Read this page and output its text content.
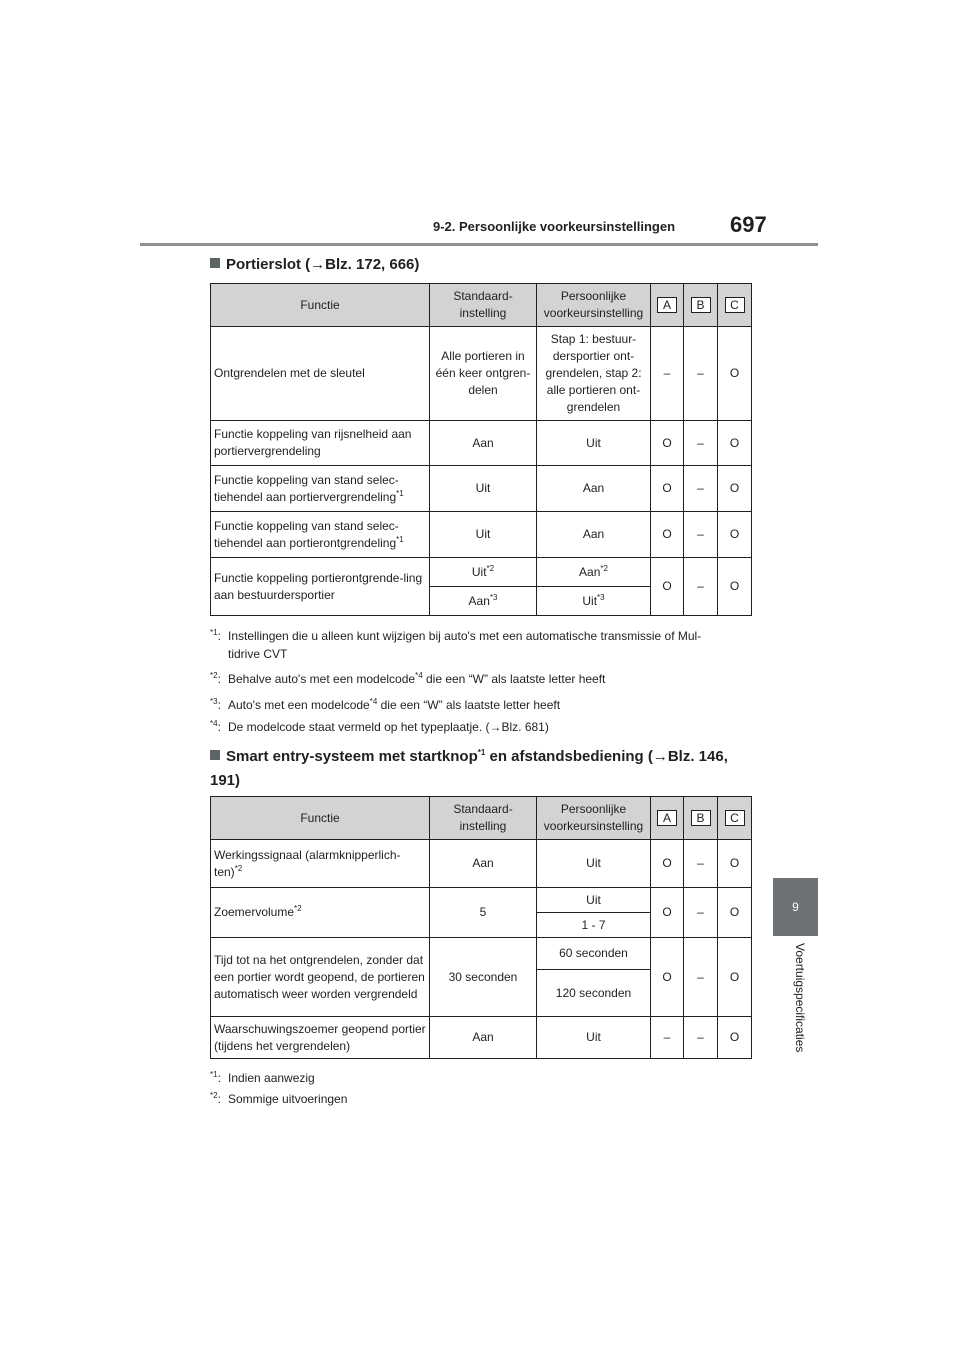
9-2. Persoonlijke voorkeursinstellingen 697
9
Voertuigspecificaties
Portierslot (→Blz. 172, 666)
Functie	Standaard-instelling	Persoonlijke voorkeursinstelling	A	B	C
Ontgrendelen met de sleutel	Alle portieren in één keer ontgren-delen	Stap 1: bestuur-dersportier ont-grendelen, stap 2: alle portieren ont-grendelen	–	–	O
Functie koppeling van rijsnelheid aan portiervergrendeling	Aan	Uit	O	–	O
Functie koppeling van stand selec-tiehendel aan portiervergrendeling$^{*1}$	Uit	Aan	O	–	O
Functie koppeling van stand selec-tiehendel aan portierontgrendeling$^{*1}$	Uit	Aan	O	–	O
Functie koppeling portierontgrende-ling aan bestuurdersportier	Uit$^{*2}$	Aan$^{*2}$	O	–	O
	Aan$^{*3}$	Uit$^{*3}$
$^{*1}$: Instellingen die u alleen kunt wijzigen bij auto's met een automatische transmissie of Mul-
tidrive CVT
$^{*2}$: Behalve auto's met een modelcode$^{*4}$ die een “W” als laatste letter heeft
$^{*3}$: Auto's met een modelcode$^{*4}$ die een “W” als laatste letter heeft
$^{*4}$: De modelcode staat vermeld op het typeplaatje. (→Blz. 681)
Smart entry-systeem met startknop$^{*1}$ en afstandsbediening (→Blz. 146,
191)
Functie	Standaard-instelling	Persoonlijke voorkeursinstelling	A	B	C
Werkingssignaal (alarmknipperlich-ten)$^{*2}$	Aan	Uit	O	–	O
Zoemervolume$^{*2}$	5	Uit	O	–	O
		1 - 7			
Tijd tot na het ontgrendelen, zonder dat een portier wordt geopend, de portieren automatisch weer worden vergrendeld	30 seconden	60 seconden	O	–	O
		120 seconden			
Waarschuwingszoemer geopend portier (tijdens het vergrendelen)	Aan	Uit	–	–	O
$^{*1}$: Indien aanwezig
$^{*2}$: Sommige uitvoeringen
